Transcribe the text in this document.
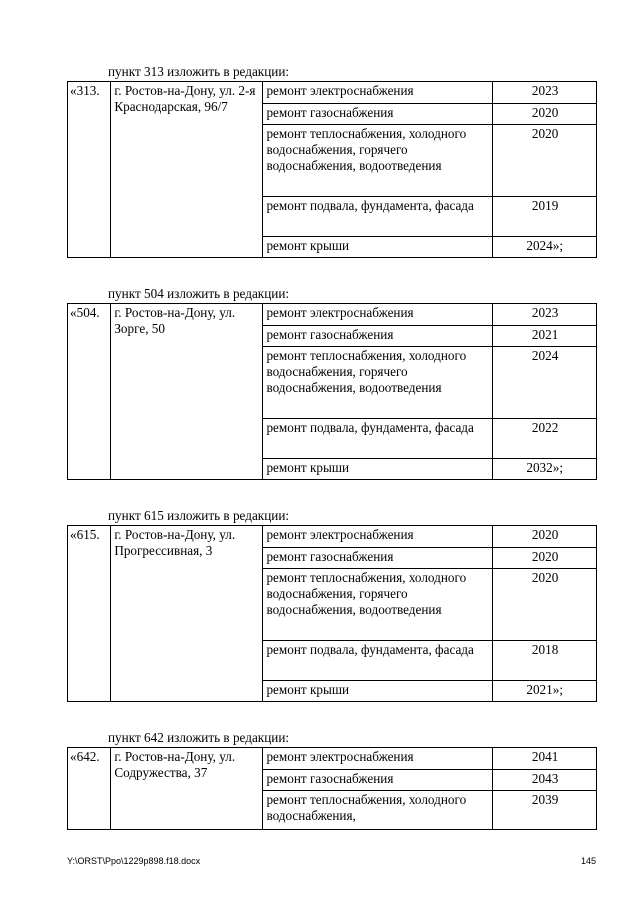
пункт 313 изложить в редакции:
«313.	г. Ростов-на-Дону, ул. 2-я Краснодарская, 96/7	ремонт электроснабжения	2023
		ремонт газоснабжения	2020
		ремонт теплоснабжения, холодного водоснабжения, горячего водоснабжения, водоотведения	2020
		ремонт подвала, фундамента, фасада	2019
		ремонт крыши	2024»;
пункт 504 изложить в редакции:
«504.	г. Ростов-на-Дону, ул. Зорге, 50	ремонт электроснабжения	2023
		ремонт газоснабжения	2021
		ремонт теплоснабжения, холодного водоснабжения, горячего водоснабжения, водоотведения	2024
		ремонт подвала, фундамента, фасада	2022
		ремонт крыши	2032»;
пункт 615 изложить в редакции:
«615.	г. Ростов-на-Дону, ул. Прогрессивная, 3	ремонт электроснабжения	2020
		ремонт газоснабжения	2020
		ремонт теплоснабжения, холодного водоснабжения, горячего водоснабжения, водоотведения	2020
		ремонт подвала, фундамента, фасада	2018
		ремонт крыши	2021»;
пункт 642 изложить в редакции:
«642.	г. Ростов-на-Дону, ул. Содружества, 37	ремонт электроснабжения	2041
		ремонт газоснабжения	2043
		ремонт теплоснабжения, холодного водоснабжения,	2039
Y:\ORST\Ppo\1229p898.f18.docx	145
